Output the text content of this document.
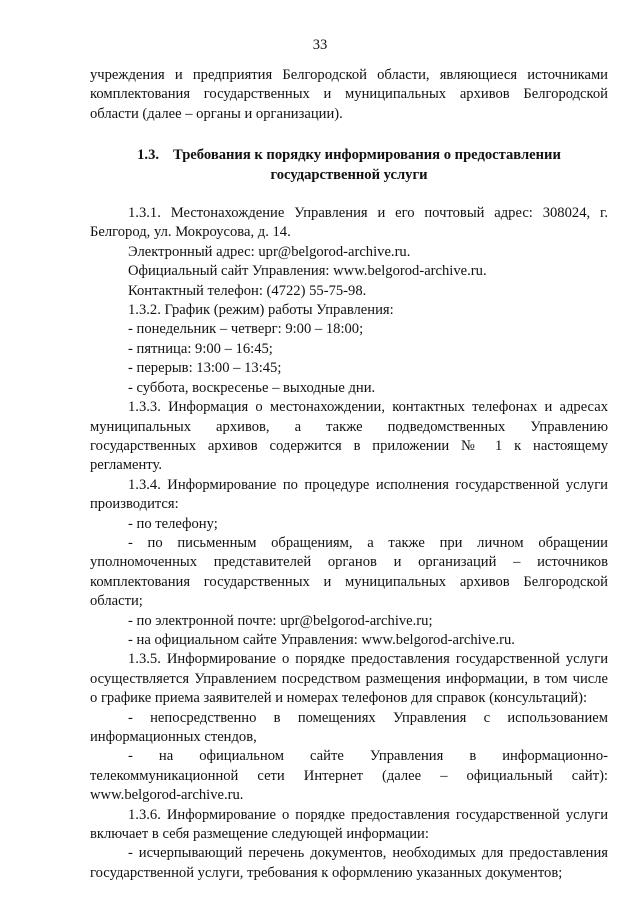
33

учреждения и предприятия Белгородской области, являющиеся источниками комплектования государственных и муниципальных архивов Белгородской области (далее – органы и организации).

1.3. Требования к порядку информирования о предоставлении
государственной услуги

1.3.1. Местонахождение Управления и его почтовый адрес: 308024, г. Белгород, ул. Мокроусова, д. 14.

Электронный адрес: upr@belgorod-archive.ru.

Официальный сайт Управления: www.belgorod-archive.ru.

Контактный телефон: (4722) 55-75-98.

1.3.2. График (режим) работы Управления:

- понедельник – четверг: 9:00 – 18:00;

- пятница: 9:00 – 16:45;

- перерыв: 13:00 – 13:45;

- суббота, воскресенье – выходные дни.

1.3.3. Информация о местонахождении, контактных телефонах и адресах муниципальных архивов, а также подведомственных Управлению государственных архивов содержится в приложении № 1 к настоящему регламенту.

1.3.4. Информирование по процедуре исполнения государственной услуги производится:

- по телефону;

- по письменным обращениям, а также при личном обращении уполномоченных представителей органов и организаций – источников комплектования государственных и муниципальных архивов Белгородской области;

- по электронной почте: upr@belgorod-archive.ru;

- на официальном сайте Управления: www.belgorod-archive.ru.

1.3.5. Информирование о порядке предоставления государственной услуги осуществляется Управлением посредством размещения информации, в том числе о графике приема заявителей и номерах телефонов для справок (консультаций):

- непосредственно в помещениях Управления с использованием информационных стендов,

- на официальном сайте Управления в информационно-телекоммуникационной сети Интернет (далее – официальный сайт): www.belgorod-archive.ru.

1.3.6. Информирование о порядке предоставления государственной услуги включает в себя размещение следующей информации:

- исчерпывающий перечень документов, необходимых для предоставления государственной услуги, требования к оформлению указанных документов;
